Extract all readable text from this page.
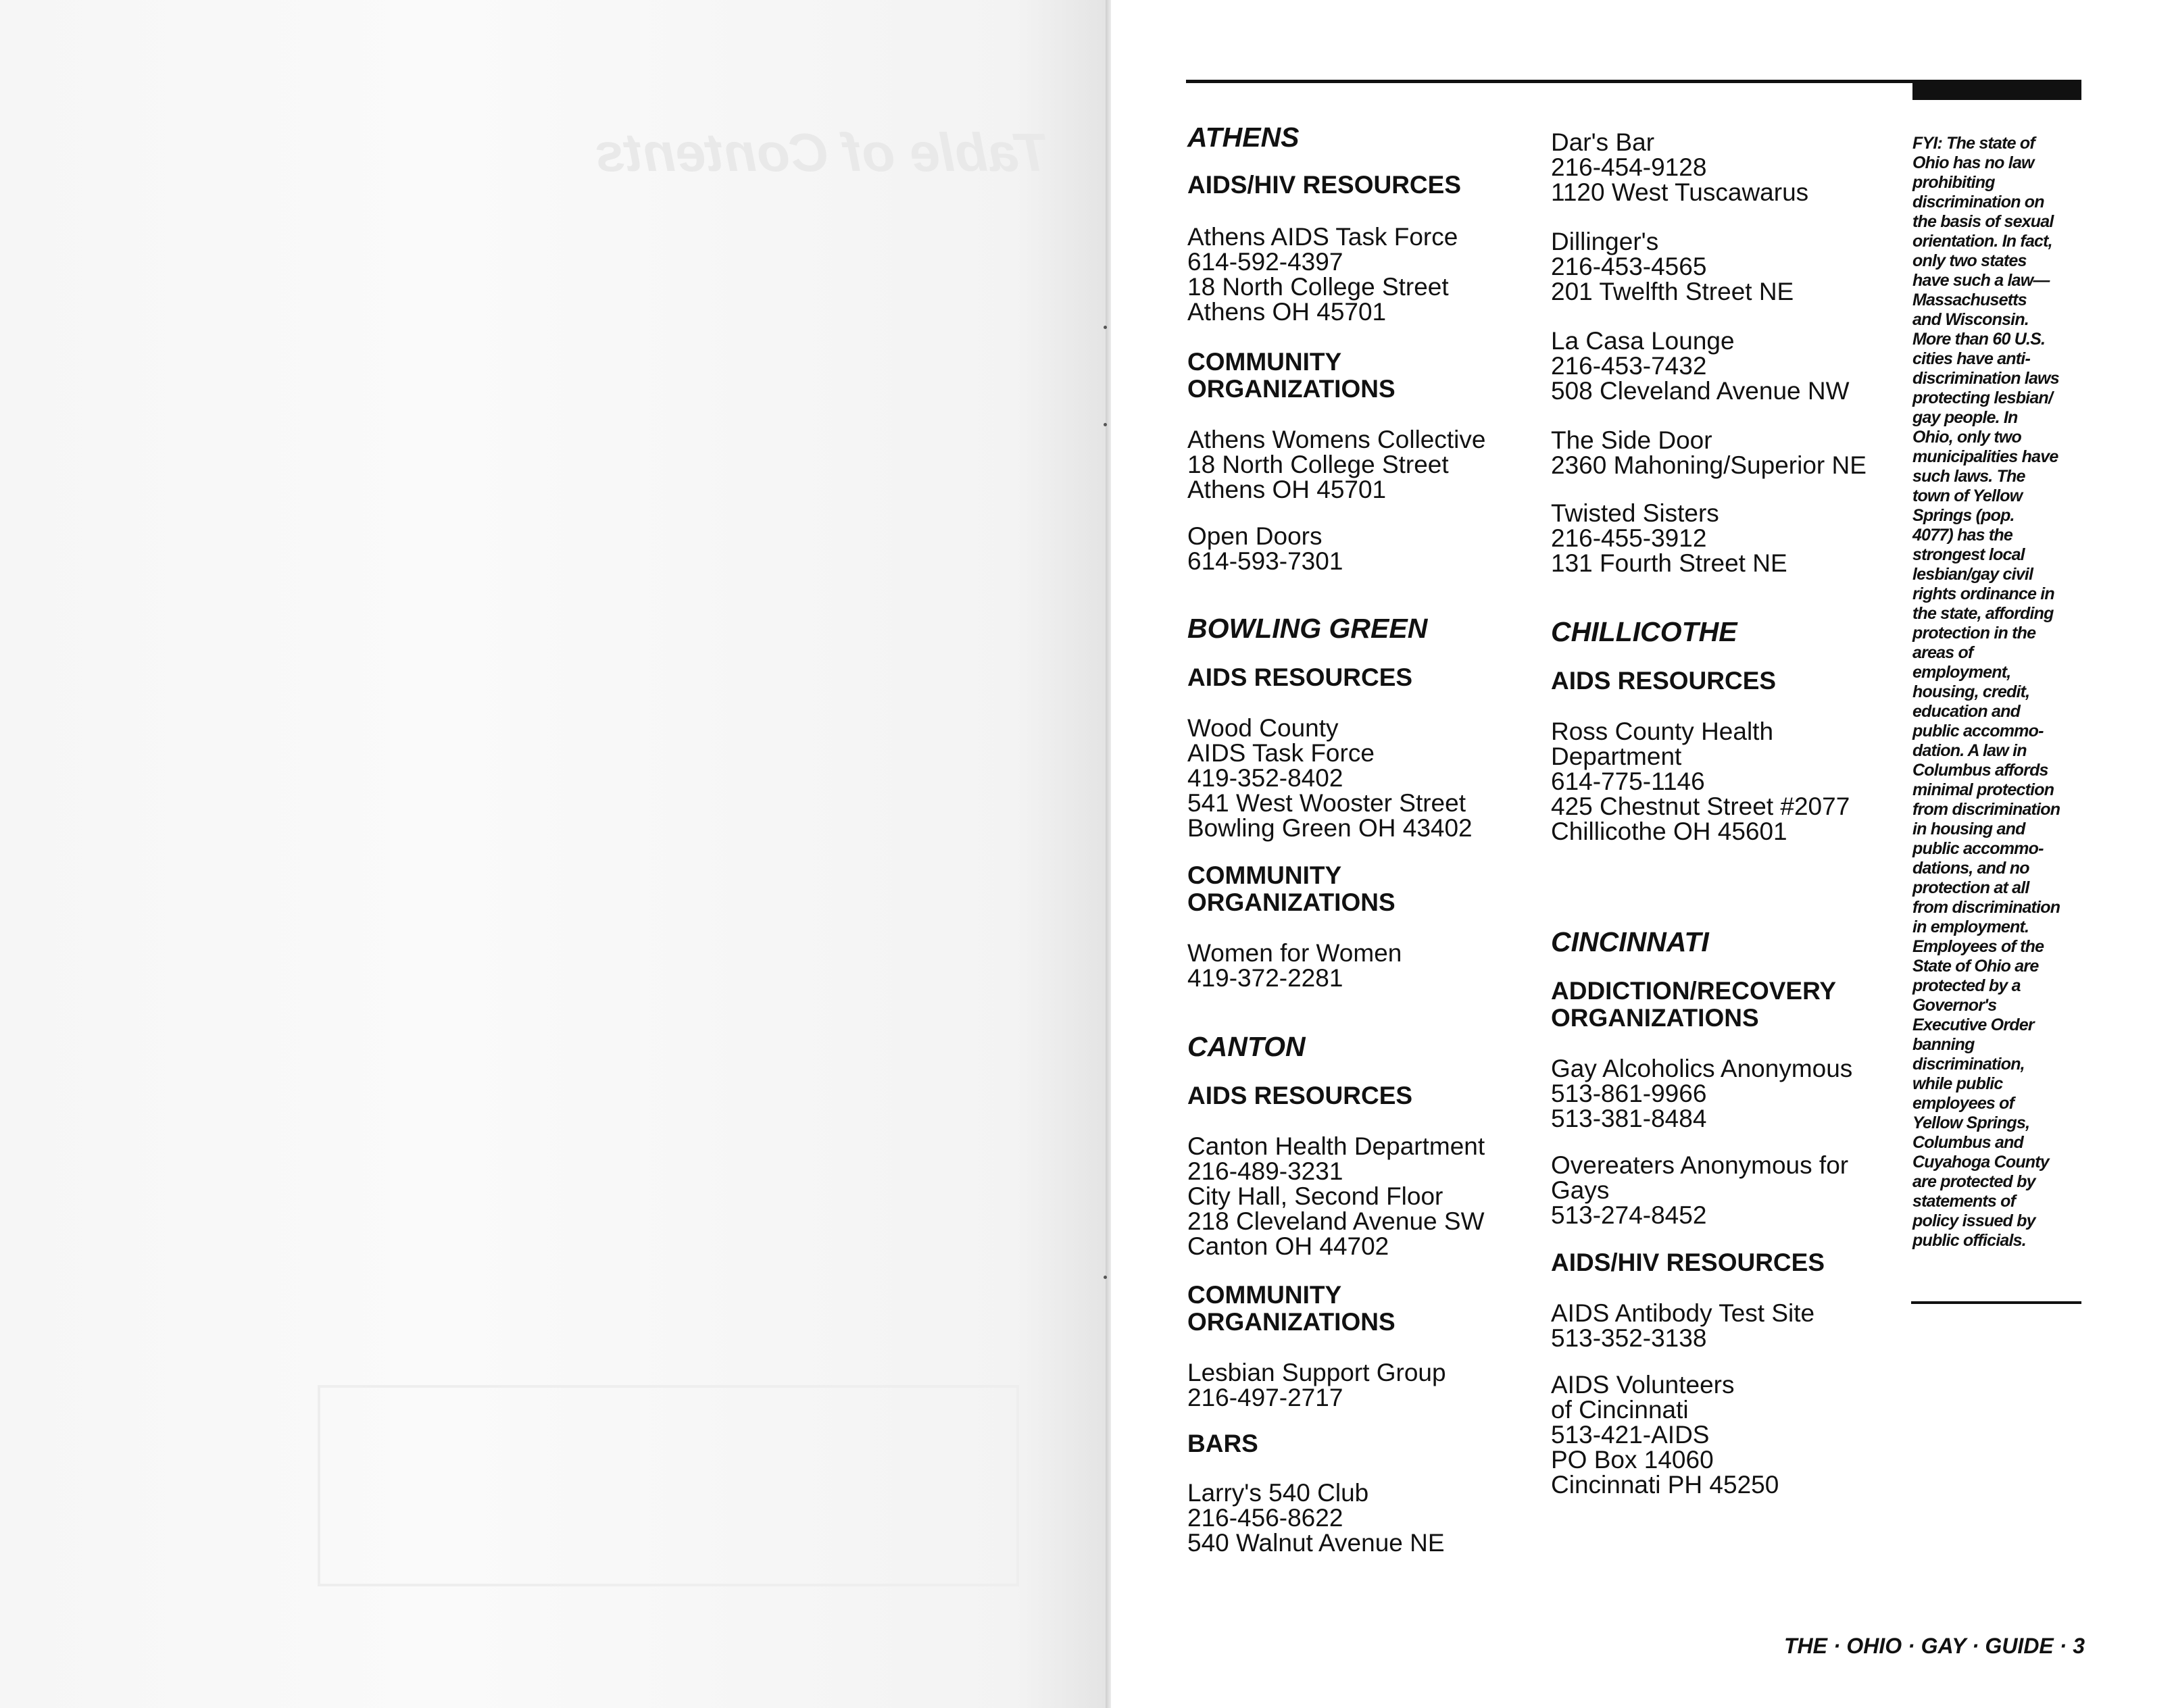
Table of Contents	ATHENS
AIDS/HIV RESOURCES

Athens AIDS Task Force

614-592-4397

18 North College Street

Athens OH 45701

COMMUNITY
ORGANIZATIONS

Athens Womens Collective

18 North College Street

Athens OH 45701

Open Doors

614-593-7301

BOWLING GREEN
AIDS RESOURCES

Wood County

AIDS Task Force

419-352-8402

541 West Wooster Street

Bowling Green OH 43402

COMMUNITY
ORGANIZATIONS

Women for Women

419-372-2281

CANTON
AIDS RESOURCES

Canton Health Department

216-489-3231

City Hall, Second Floor

218 Cleveland Avenue SW

Canton OH 44702

COMMUNITY
ORGANIZATIONS

Lesbian Support Group

216-497-2717

BARS

Larry's 540 Club

216-456-8622

540 Walnut Avenue NE

Dar's Bar

216-454-9128

1120 West Tuscawarus

Dillinger's

216-453-4565

201 Twelfth Street NE

La Casa Lounge

216-453-7432

508 Cleveland Avenue NW

The Side Door

2360 Mahoning/Superior NE

Twisted Sisters

216-455-3912

131 Fourth Street NE

CHILLICOTHE
AIDS RESOURCES

Ross County Health

Department

614-775-1146

425 Chestnut Street #2077

Chillicothe OH 45601

CINCINNATI
ADDICTION/RECOVERY
ORGANIZATIONS

Gay Alcoholics Anonymous

513-861-9966

513-381-8484

Overeaters Anonymous for

Gays

513-274-8452

AIDS/HIV RESOURCES

AIDS Antibody Test Site

513-352-3138

AIDS Volunteers

of Cincinnati

513-421-AIDS

PO Box 14060

Cincinnati PH 45250

FYI: The state of
Ohio has no law
prohibiting
discrimination on
the basis of sexual
orientation. In fact,
only two states
have such a law—
Massachusetts
and Wisconsin.
More than 60 U.S.
cities have anti-
discrimination laws
protecting lesbian/
gay people. In
Ohio, only two
municipalities have
such laws. The
town of Yellow
Springs (pop.
4077) has the
strongest local
lesbian/gay civil
rights ordinance in
the state, affording
protection in the
areas of
employment,
housing, credit,
education and
public accommo-
dation. A law in
Columbus affords
minimal protection
from discrimination
in housing and
public accommo-
dations, and no
protection at all
from discrimination
in employment.
Employees of the
State of Ohio are
protected by a
Governor's
Executive Order
banning
discrimination,
while public
employees of
Yellow Springs,
Columbus and
Cuyahoga County
are protected by
statements of
policy issued by
public officials.
THE · OHIO · GAY · GUIDE · 3
